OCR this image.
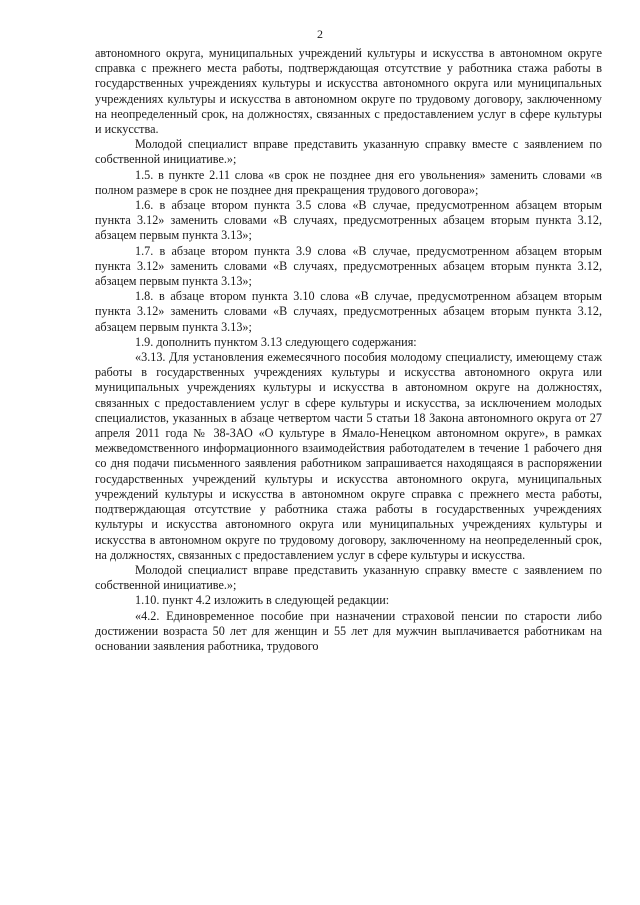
2

автономного округа, муниципальных учреждений культуры и искусства в автономном округе справка с прежнего места работы, подтверждающая отсутствие у работника стажа работы в государственных учреждениях культуры и искусства автономного округа или муниципальных учреждениях культуры и искусства в автономном округе по трудовому договору, заключенному на неопределенный срок, на должностях, связанных с предоставлением услуг в сфере культуры и искусства.

Молодой специалист вправе представить указанную справку вместе с заявлением по собственной инициативе.»;

1.5. в пункте 2.11 слова «в срок не позднее дня его увольнения» заменить словами «в полном размере в срок не позднее дня прекращения трудового договора»;

1.6. в абзаце втором пункта 3.5 слова «В случае, предусмотренном абзацем вторым пункта 3.12» заменить словами «В случаях, предусмотренных абзацем вторым пункта 3.12, абзацем первым пункта 3.13»;

1.7. в абзаце втором пункта 3.9 слова «В случае, предусмотренном абзацем вторым пункта 3.12» заменить словами «В случаях, предусмотренных абзацем вторым пункта 3.12, абзацем первым пункта 3.13»;

1.8. в абзаце втором пункта 3.10 слова «В случае, предусмотренном абзацем вторым пункта 3.12» заменить словами «В случаях, предусмотренных абзацем вторым пункта 3.12, абзацем первым пункта 3.13»;

1.9. дополнить пунктом 3.13 следующего содержания:

«3.13. Для установления ежемесячного пособия молодому специалисту, имеющему стаж работы в государственных учреждениях культуры и искусства автономного округа или муниципальных учреждениях культуры и искусства в автономном округе на должностях, связанных с предоставлением услуг в сфере культуры и искусства, за исключением молодых специалистов, указанных в абзаце четвертом части 5 статьи 18 Закона автономного округа от 27 апреля 2011 года № 38-ЗАО «О культуре в Ямало-Ненецком автономном округе», в рамках межведомственного информационного взаимодействия работодателем в течение 1 рабочего дня со дня подачи письменного заявления работником запрашивается находящаяся в распоряжении государственных учреждений культуры и искусства автономного округа, муниципальных учреждений культуры и искусства в автономном округе справка с прежнего места работы, подтверждающая отсутствие у работника стажа работы в государственных учреждениях культуры и искусства автономного округа или муниципальных учреждениях культуры и искусства в автономном округе по трудовому договору, заключенному на неопределенный срок, на должностях, связанных с предоставлением услуг в сфере культуры и искусства.

Молодой специалист вправе представить указанную справку вместе с заявлением по собственной инициативе.»;

1.10. пункт 4.2 изложить в следующей редакции:

«4.2. Единовременное пособие при назначении страховой пенсии по старости либо достижении возраста 50 лет для женщин и 55 лет для мужчин выплачивается работникам на основании заявления работника, трудового
